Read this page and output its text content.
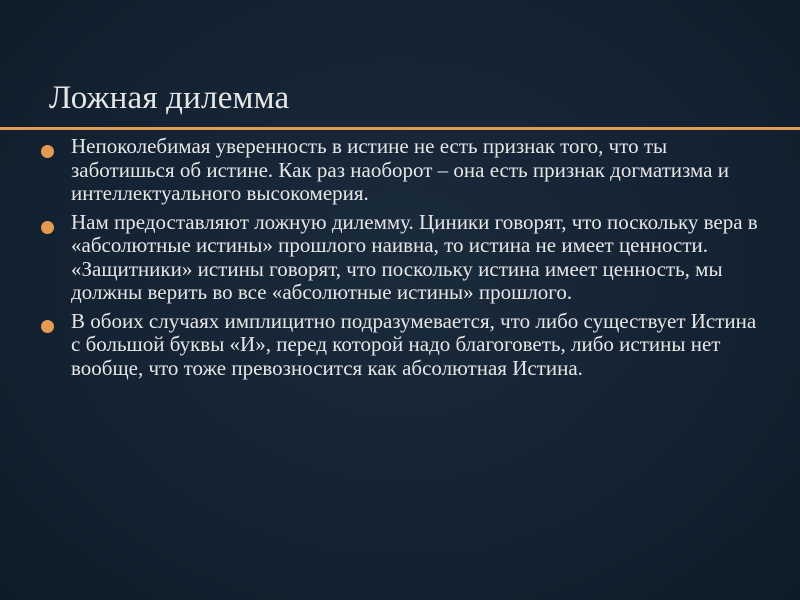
Ложная дилемма
Непоколебимая уверенность в истине не есть признак того, что ты заботишься об истине. Как раз наоборот – она есть признак догматизма и интеллектуального высокомерия.
Нам предоставляют ложную дилемму. Циники говорят, что поскольку вера в «абсолютные истины» прошлого наивна, то истина не имеет ценности. «Защитники» истины говорят, что поскольку истина имеет ценность, мы должны верить во все «абсолютные истины» прошлого.
В обоих случаях имплицитно подразумевается, что либо существует Истина с большой буквы «И», перед которой надо благоговеть, либо истины нет вообще, что тоже превозносится как абсолютная Истина.
